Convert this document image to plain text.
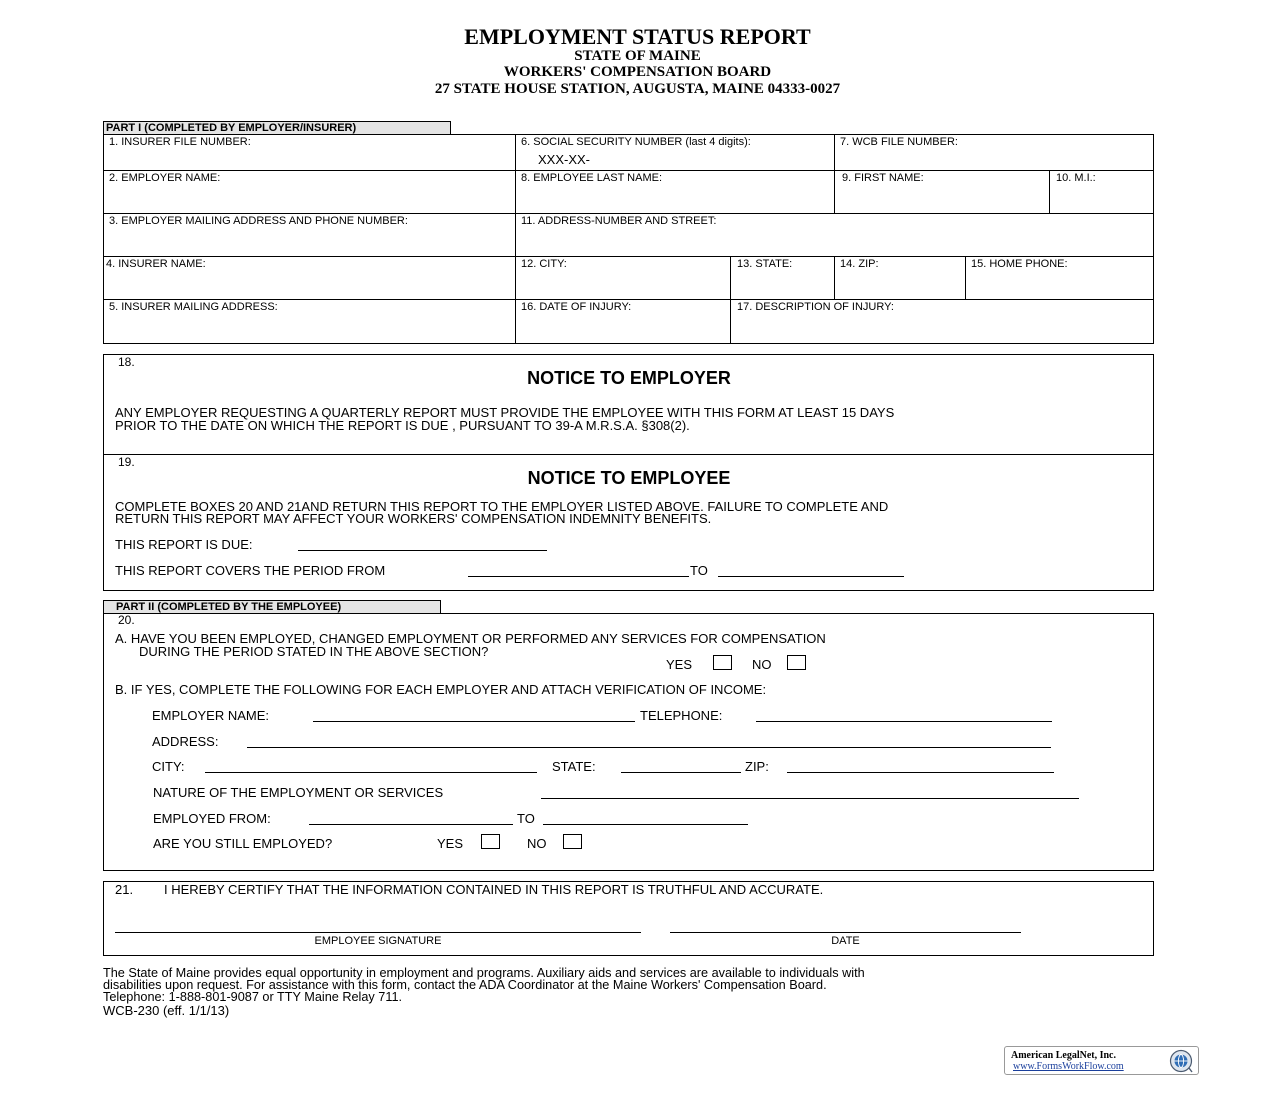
EMPLOYMENT STATUS REPORT
STATE OF MAINE
WORKERS' COMPENSATION BOARD
27 STATE HOUSE STATION, AUGUSTA, MAINE 04333-0027
PART I (COMPLETED BY EMPLOYER/INSURER)
1. INSURER FILE NUMBER:	6. SOCIAL SECURITY NUMBER (last 4 digits):
XXX-XX-
7. WCB FILE NUMBER:
2. EMPLOYER NAME:	8. EMPLOYEE LAST NAME:	9. FIRST NAME:	10. M.I.:
3. EMPLOYER MAILING ADDRESS AND PHONE NUMBER:	11. ADDRESS-NUMBER AND STREET:
4. INSURER NAME:	12. CITY:	13. STATE:	14. ZIP:	15. HOME PHONE:
5. INSURER MAILING ADDRESS:	16. DATE OF INJURY:	17. DESCRIPTION OF INJURY:
18.
NOTICE TO EMPLOYER
ANY EMPLOYER REQUESTING A QUARTERLY REPORT MUST PROVIDE THE EMPLOYEE WITH THIS FORM AT LEAST 15 DAYS
PRIOR TO THE DATE ON WHICH THE REPORT IS DUE , PURSUANT TO 39-A M.R.S.A. §308(2).
19.
NOTICE TO EMPLOYEE
COMPLETE BOXES 20 AND 21AND RETURN THIS REPORT TO THE EMPLOYER LISTED ABOVE. FAILURE TO COMPLETE AND
RETURN THIS REPORT MAY AFFECT YOUR WORKERS' COMPENSATION INDEMNITY BENEFITS.
THIS REPORT IS DUE:
THIS REPORT COVERS THE PERIOD FROM	TO
PART II (COMPLETED BY THE EMPLOYEE)
20.
A. HAVE YOU BEEN EMPLOYED, CHANGED EMPLOYMENT OR PERFORMED ANY SERVICES FOR COMPENSATION
DURING THE PERIOD STATED IN THE ABOVE SECTION?
YES	NO
B. IF YES, COMPLETE THE FOLLOWING FOR EACH EMPLOYER AND ATTACH VERIFICATION OF INCOME:
EMPLOYER NAME:	TELEPHONE:
ADDRESS:
CITY:	STATE:	ZIP:
NATURE OF THE EMPLOYMENT OR SERVICES
EMPLOYED FROM:	TO
ARE YOU STILL EMPLOYED?	YES	NO
21. I HEREBY CERTIFY THAT THE INFORMATION CONTAINED IN THIS REPORT IS TRUTHFUL AND ACCURATE.
EMPLOYEE SIGNATURE	DATE
The State of Maine provides equal opportunity in employment and programs. Auxiliary aids and services are available to individuals with
disabilities upon request. For assistance with this form, contact the ADA Coordinator at the Maine Workers' Compensation Board.
Telephone: 1-888-801-9087 or TTY Maine Relay 711.
WCB-230 (eff. 1/1/13)
American LegalNet, Inc.
www.FormsWorkFlow.com
